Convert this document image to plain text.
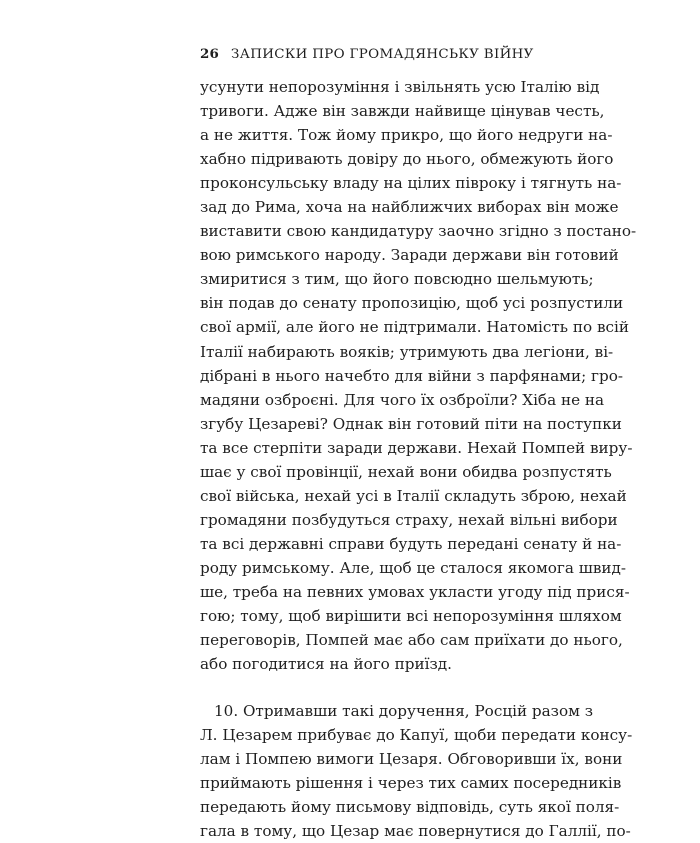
26 ЗАПИСКИ ПРО ГРОМАДЯНСЬКУ ВІЙНУ
усунути непорозуміння і звільнять усю Італію від
тривоги. Адже він завжди найвище цінував честь,
а не життя. Тож йому прикро, що його недруги на-
хабно підривають довіру до нього, обмежують його
проконсульську владу на цілих півроку і тягнуть на-
зад до Рима, хоча на найближчих виборах він може
виставити свою кандидатуру заочно згідно з постано-
вою римського народу. Заради держави він готовий
змиритися з тим, що його повсюдно шельмують;
він подав до сенату пропозицію, щоб усі розпустили
свої армії, але його не підтримали. Натомість по всій
Італії набирають вояків; утримують два легіони, ві-
дібрані в нього начебто для війни з парфянами; гро-
мадяни озброєні. Для чого їх озброїли? Хіба не на
згубу Цезареві? Однак він готовий піти на поступки
та все стерпіти заради держави. Нехай Помпей виру-
шає у свої провінції, нехай вони обидва розпустять
свої війська, нехай усі в Італії складуть зброю, нехай
громадяни позбудуться страху, нехай вільні вибори
та всі державні справи будуть передані сенату й на-
роду римському. Але, щоб це сталося якомога швид-
ше, треба на певних умовах укласти угоду під прися-
гою; тому, щоб вирішити всі непорозуміння шляхом
переговорів, Помпей має або сам приїхати до нього,
або погодитися на його приїзд.
10. Отримавши такі доручення, Росцій разом з
Л. Цезарем прибуває до Капуї, щоби передати консу-
лам і Помпею вимоги Цезаря. Обговоривши їх, вони
приймають рішення і через тих самих посередників
передають йому письмову відповідь, суть якої поля-
гала в тому, що Цезар має повернутися до Галлії, по-
